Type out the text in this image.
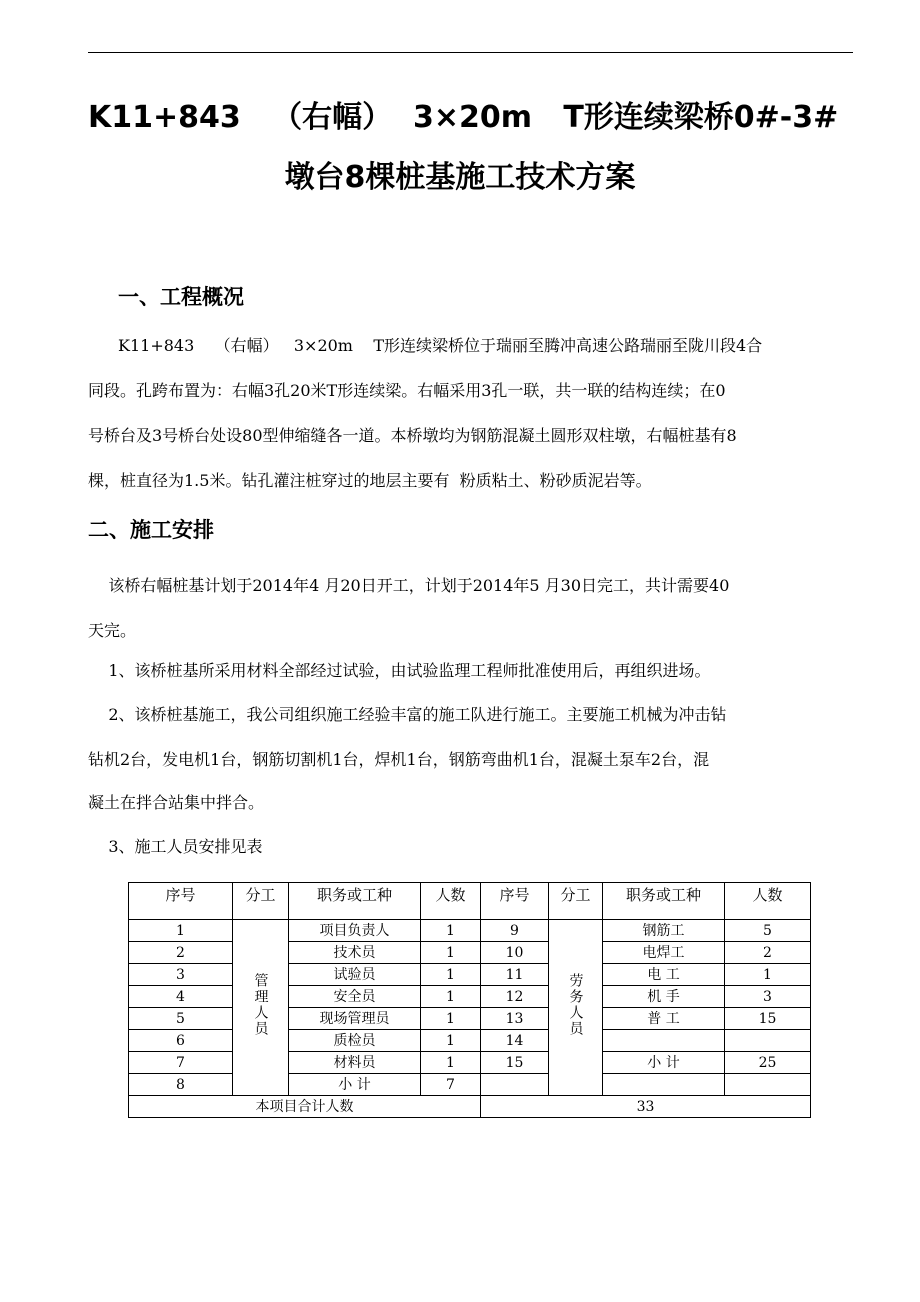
K11+843   （右幅）  3×20m   T形连续梁桥0#-3#
墩台8棵桩基施工技术方案
一、工程概况
K11+843    （右幅）   3×20m    T形连续梁桥位于瑞丽至腾冲高速公路瑞丽至陇川段4合
同段。孔跨布置为：右幅3孔20米T形连续梁。右幅采用3孔一联，共一联的结构连续；在0
号桥台及3号桥台处设80型伸缩缝各一道。本桥墩均为钢筋混凝土圆形双柱墩，右幅桩基有8
棵，桩直径为1.5米。钻孔灌注桩穿过的地层主要有  粉质粘土、粉砂质泥岩等。
二、施工安排
该桥右幅桩基计划于2014年4 月20日开工，计划于2014年5 月30日完工，共计需要40
天完。
1、该桥桩基所采用材料全部经过试验，由试验监理工程师批准使用后，再组织进场。
2、该桥桩基施工，我公司组织施工经验丰富的施工队进行施工。主要施工机械为冲击钻
钻机2台，发电机1台，钢筋切割机1台，焊机1台，钢筋弯曲机1台，混凝土泵车2台，混
凝土在拌合站集中拌合。
3、施工人员安排见表
序号	分工	职务或工种	人数	序号	分工	职务或工种	人数
1	管理人员	项目负责人	1	9	劳务人员	钢筋工	5
2		技术员	1	10		电焊工	2
3		试验员	1	11		电 工	1
4		安全员	1	12		机 手	3
5		现场管理员	1	13		普 工	15
6		质检员	1	14			
7		材料员	1	15		小 计	25
8		小 计	7				
本项目合计人数				33			
